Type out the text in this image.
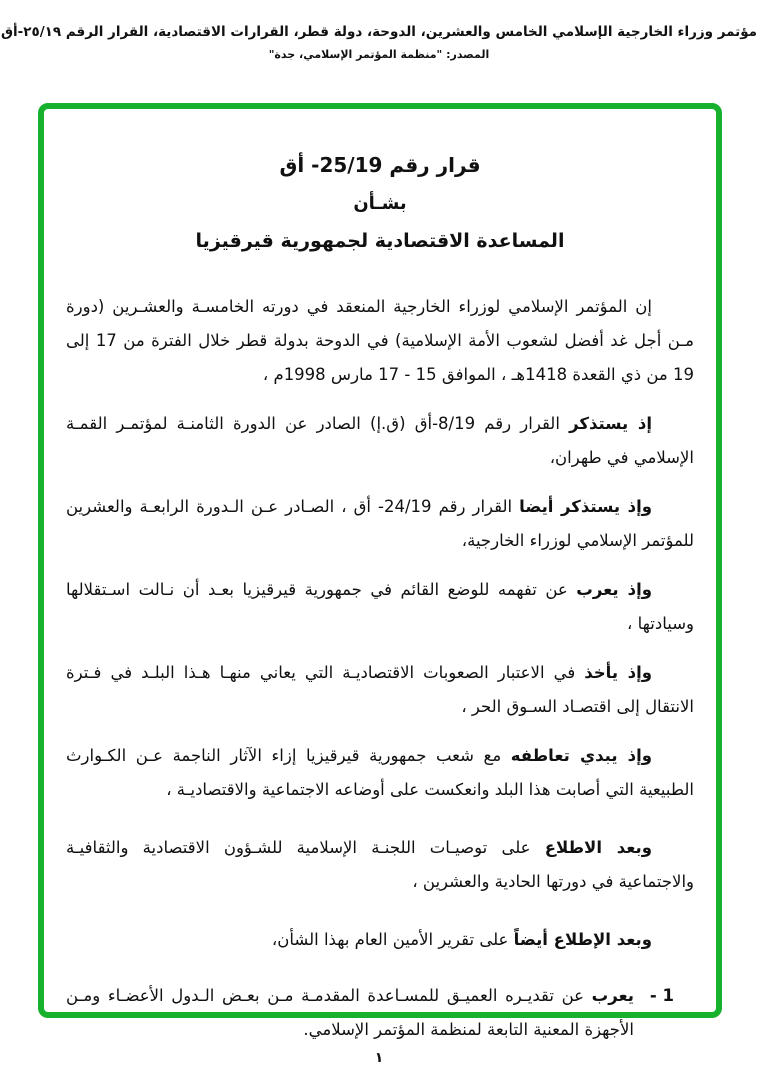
مؤتمر وزراء الخارجية الإسلامي الخامس والعشرين، الدوحة، دولة قطر، القرارات الاقتصادية، القرار الرقم ٢٥/١٩-أق
المصدر: "منظمة المؤتمر الإسلامي، جدة"
قرار رقم 25/19- أق
بشـأن
المساعدة الاقتصادية لجمهورية قيرقيزيا

إن المؤتمر الإسلامي لوزراء الخارجية المنعقد في دورته الخامسـة والعشـرين (دورة مـن أجل غد أفضل لشعوب الأمة الإسلامية) في الدوحة بدولة قطر خلال الفترة من 17 إلى 19 من ذي القعدة 1418هـ ، الموافق 15 - 17 مارس 1998م ،

إذ يستذكر القرار رقم 8/19-أق (ق.إ) الصادر عن الدورة الثامنـة لمؤتمـر القمـة الإسلامي في طهران،

وإذ يستذكر أيضا القرار رقم 24/19- أق ، الصـادر عـن الـدورة الرابعـة والعشرين للمؤتمر الإسلامي لوزراء الخارجية،

وإذ يعرب عن تفهمه للوضع القائم في جمهورية قيرقيزيا بعـد أن نـالت اسـتقلالها وسيادتها ،

وإذ يأخذ في الاعتبار الصعوبات الاقتصاديـة التي يعاني منهـا هـذا البلـد في فـترة الانتقال إلى اقتصـاد السـوق الحر ،

وإذ يبدي تعاطفه مع شعب جمهورية قيرقيزيا إزاء الآثار الناجمة عـن الكـوارث الطبيعية التي أصابت هذا البلد وانعكست على أوضاعه الاجتماعية والاقتصاديـة ،

وبعد الاطلاع على توصيـات اللجنـة الإسلامية للشـؤون الاقتصادية والثقافيـة والاجتماعية في دورتها الحادية والعشرين ،

وبعد الإطلاع أيضاً على تقرير الأمين العام بهذا الشأن،

1 -
يعرب عن تقديـره العميـق للمسـاعدة المقدمـة مـن بعـض الـدول الأعضـاء ومـن الأجهزة المعنية التابعة لمنظمة المؤتمر الإسلامي.
١
